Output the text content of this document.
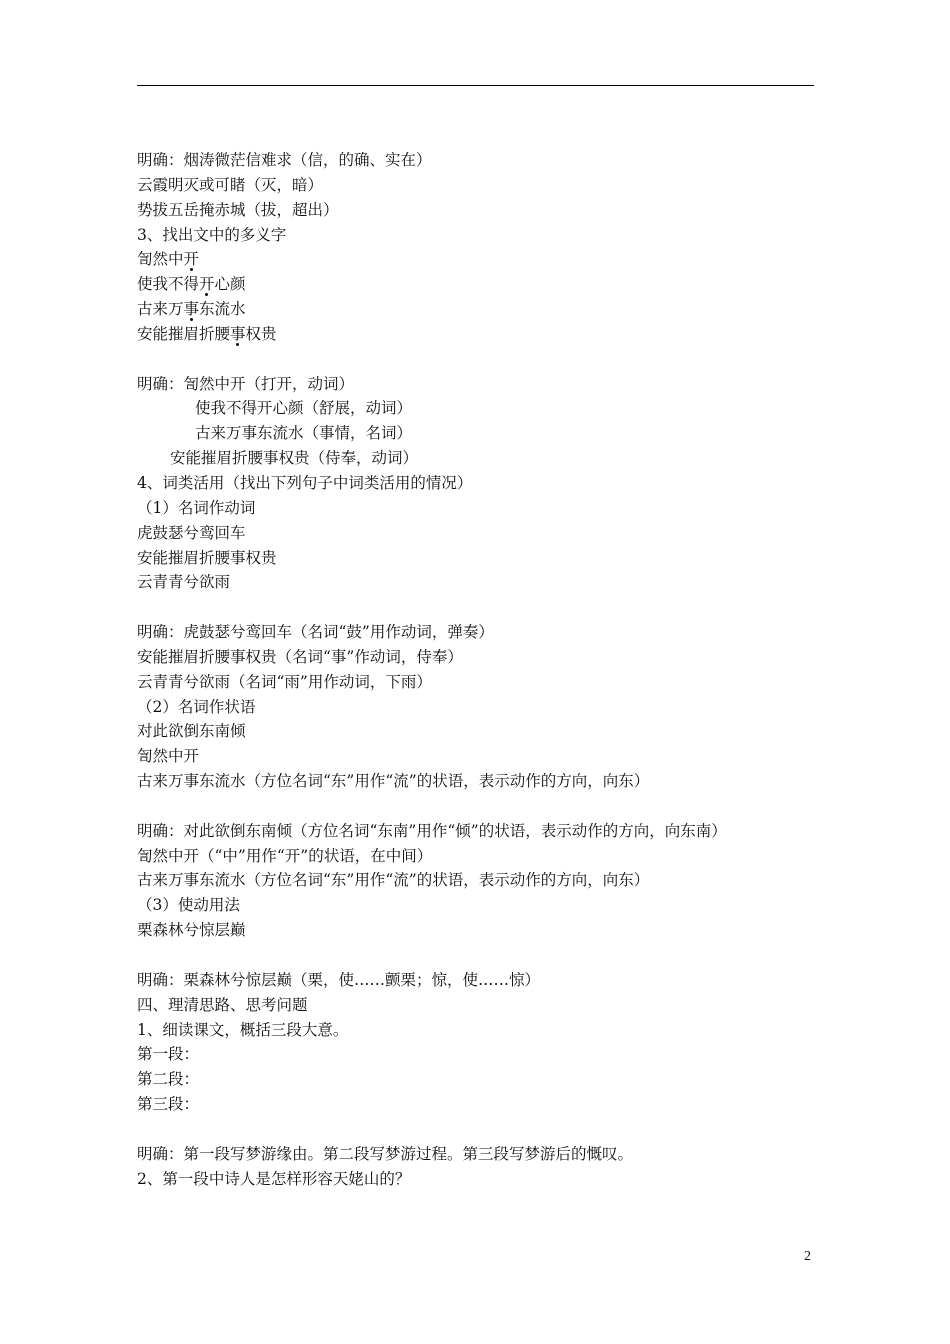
明确：烟涛微茫信难求（信，的确、实在）
云霞明灭或可睹（灭，暗）
势拔五岳掩赤城（拔，超出）
3、找出文中的多义字
訇然中开
使我不得开
心颜
古来万事
东流水
安能摧眉折腰事
权贵
明确：訇然中开（打开，动词）
使我不得开心颜（舒展，动词）
古来万事东流水（事情，名词）
安能摧眉折腰事权贵（侍奉，动词）
4、词类活用（找出下列句子中词类活用的情况）
（1）名词作动词
虎鼓瑟兮鸾回车
安能摧眉折腰事权贵
云青青兮欲雨
明确：虎鼓瑟兮鸾回车（名词“鼓”用作动词，弹奏）
安能摧眉折腰事权贵（名词“事”作动词，侍奉）
云青青兮欲雨（名词“雨”用作动词，下雨）
（2）名词作状语
对此欲倒东南倾
訇然中开
古来万事东流水（方位名词“东”用作“流”的状语，表示动作的方向，向东）
明确：对此欲倒东南倾（方位名词“东南”用作“倾”的状语，表示动作的方向，向东南）
訇然中开（“中”用作“开”的状语，在中间）
古来万事东流水（方位名词“东”用作“流”的状语，表示动作的方向，向东）
（3）使动用法
栗森林兮惊层巅
明确：栗森林兮惊层巅（栗，使……颤栗；惊，使……惊）
四、理清思路、思考问题
1、细读课文，概括三段大意。
第一段：
第二段：
第三段：
明确：第一段写梦游缘由。第二段写梦游过程。第三段写梦游后的慨叹。
2、第一段中诗人是怎样形容天姥山的？
2
